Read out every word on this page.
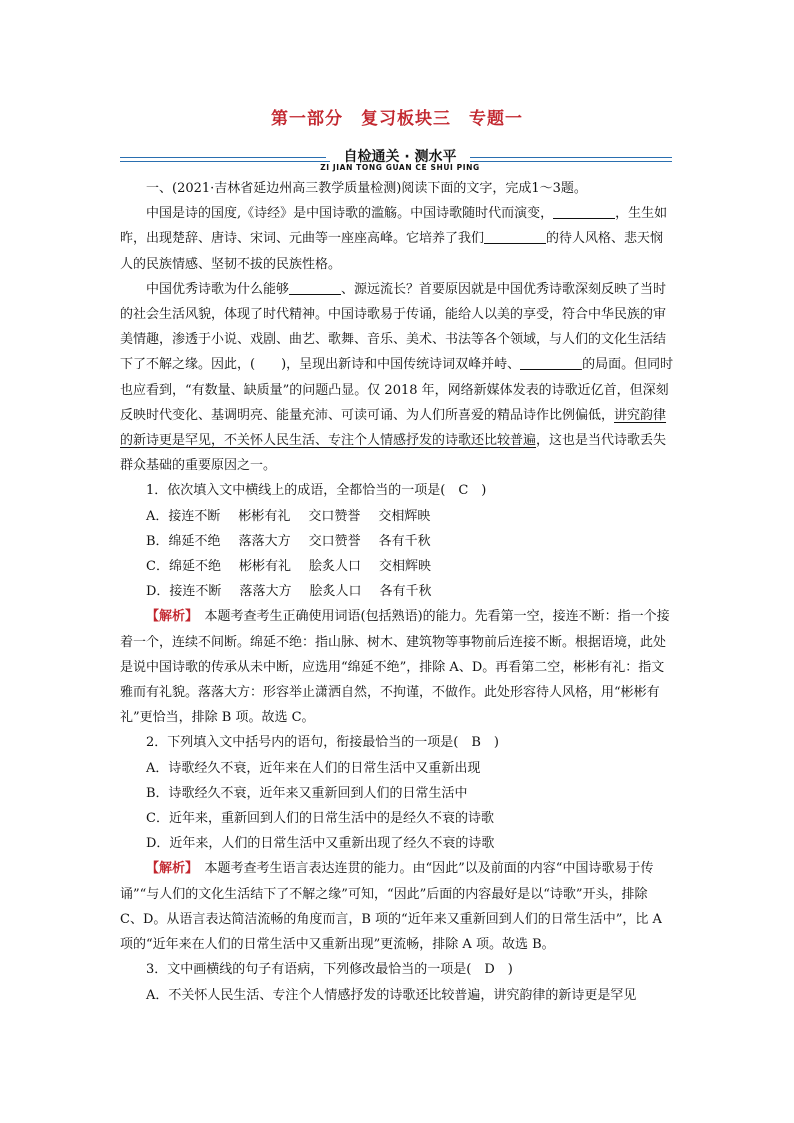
第一部分　复习板块三　专题一
自检通关 · 测水平
ZI JIAN TONG GUAN CE SHUI PING

一、(2021·吉林省延边州高三教学质量检测)阅读下面的文字，完成1～3题。

中国是诗的国度,《诗经》是中国诗歌的滥觞。中国诗歌随时代而演变，	，生生如昨，出现楚辞、唐诗、宋词、元曲等一座座高峰。它培养了我们	的待人风格、悲天悯人的民族情感、坚韧不拔的民族性格。

中国优秀诗歌为什么能够	、源远流长？首要原因就是中国优秀诗歌深刻反映了当时的社会生活风貌，体现了时代精神。中国诗歌易于传诵，能给人以美的享受，符合中华民族的审美情趣，渗透于小说、戏剧、曲艺、歌舞、音乐、美术、书法等各个领域，与人们的文化生活结下了不解之缘。因此，(　　)，呈现出新诗和中国传统诗词双峰并峙、	的局面。但同时也应看到，“有数量、缺质量”的问题凸显。仅 2018 年，网络新媒体发表的诗歌近亿首，但深刻反映时代变化、基调明亮、能量充沛、可读可诵、为人们所喜爱的精品诗作比例偏低，讲究韵律的新诗更是罕见，不关怀人民生活、专注个人情感抒发的诗歌还比较普遍，这也是当代诗歌丢失群众基础的重要原因之一。

1．依次填入文中横线上的成语，全都恰当的一项是(　C　)

A．接连不断 彬彬有礼 交口赞誉 交相辉映

B．绵延不绝 落落大方 交口赞誉 各有千秋

C．绵延不绝 彬彬有礼 脍炙人口 交相辉映

D．接连不断 落落大方 脍炙人口 各有千秋

【解析】　本题考查考生正确使用词语(包括熟语)的能力。先看第一空，接连不断：指一个接着一个，连续不间断。绵延不绝：指山脉、树木、建筑物等事物前后连接不断。根据语境，此处是说中国诗歌的传承从未中断，应选用“绵延不绝”，排除 A、D。再看第二空，彬彬有礼：指文雅而有礼貌。落落大方：形容举止潇洒自然，不拘谨，不做作。此处形容待人风格，用“彬彬有礼”更恰当，排除 B 项。故选 C。

2．下列填入文中括号内的语句，衔接最恰当的一项是(　B　)

A．诗歌经久不衰，近年来在人们的日常生活中又重新出现

B．诗歌经久不衰，近年来又重新回到人们的日常生活中

C．近年来，重新回到人们的日常生活中的是经久不衰的诗歌

D．近年来，人们的日常生活中又重新出现了经久不衰的诗歌

【解析】　本题考查考生语言表达连贯的能力。由“因此”以及前面的内容“中国诗歌易于传诵”“与人们的文化生活结下了不解之缘”可知，“因此”后面的内容最好是以“诗歌”开头，排除 C、D。从语言表达简洁流畅的角度而言，B 项的“近年来又重新回到人们的日常生活中”，比 A 项的“近年来在人们的日常生活中又重新出现”更流畅，排除 A 项。故选 B。

3．文中画横线的句子有语病，下列修改最恰当的一项是(　D　)

A．不关怀人民生活、专注个人情感抒发的诗歌还比较普遍，讲究韵律的新诗更是罕见
